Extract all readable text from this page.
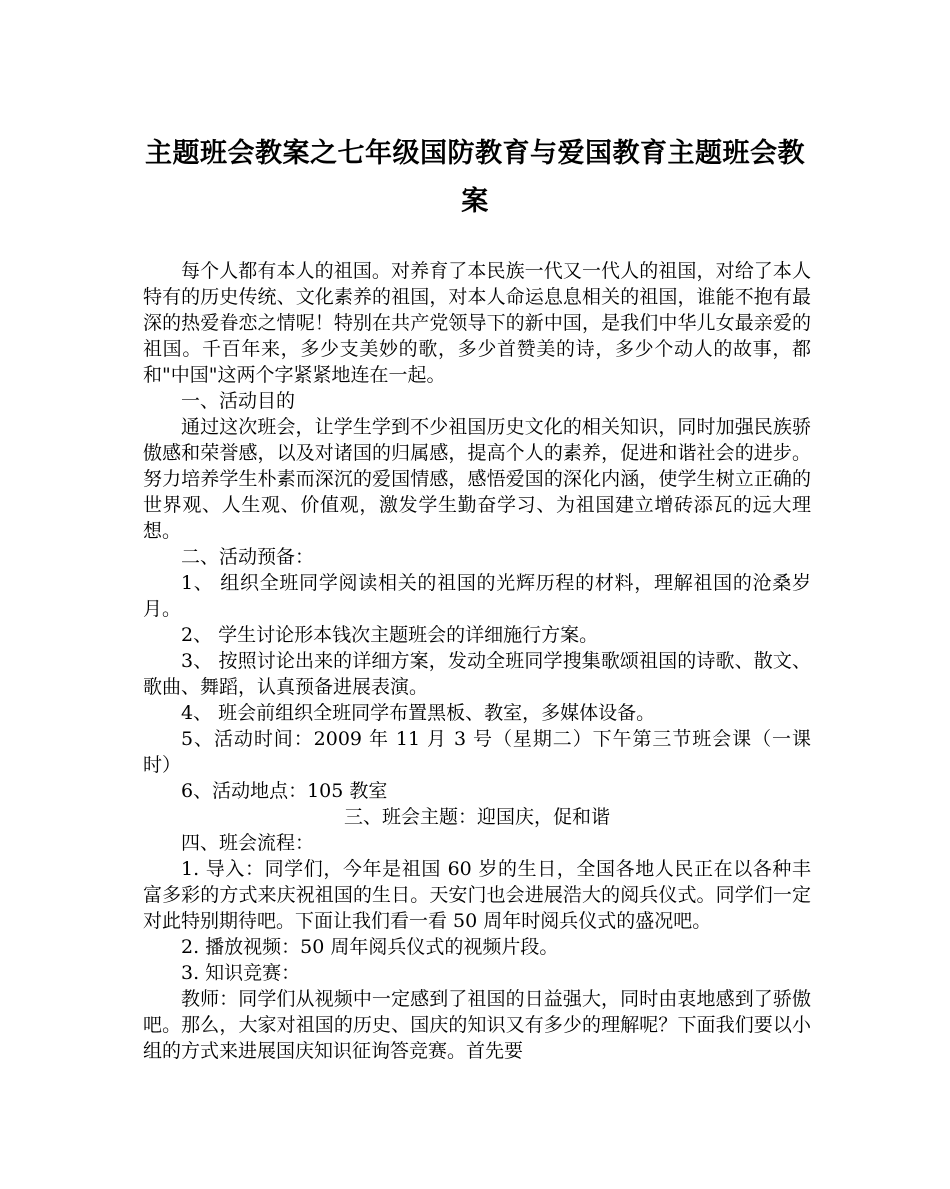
主题班会教案之七年级国防教育与爱国教育主题班会教案

每个人都有本人的祖国。对养育了本民族一代又一代人的祖国，对给了本人特有的历史传统、文化素养的祖国，对本人命运息息相关的祖国，谁能不抱有最深的热爱眷恋之情呢！特别在共产党领导下的新中国，是我们中华儿女最亲爱的祖国。千百年来，多少支美妙的歌，多少首赞美的诗，多少个动人的故事，都和"中国"这两个字紧紧地连在一起。

一、活动目的

通过这次班会，让学生学到不少祖国历史文化的相关知识，同时加强民族骄傲感和荣誉感，以及对诸国的归属感，提高个人的素养，促进和谐社会的进步。努力培养学生朴素而深沉的爱国情感，感悟爱国的深化内涵，使学生树立正确的世界观、人生观、价值观，激发学生勤奋学习、为祖国建立增砖添瓦的远大理想。

二、活动预备：

1、 组织全班同学阅读相关的祖国的光辉历程的材料，理解祖国的沧桑岁月。

2、 学生讨论形本钱次主题班会的详细施行方案。

3、 按照讨论出来的详细方案，发动全班同学搜集歌颂祖国的诗歌、散文、歌曲、舞蹈，认真预备进展表演。

4、 班会前组织全班同学布置黑板、教室，多媒体设备。

5、活动时间：2009 年 11 月 3 号（星期二）下午第三节班会课（一课时）

6、活动地点：105 教室

三、班会主题：迎国庆，促和谐

四、班会流程：

1. 导入：同学们，今年是祖国 60 岁的生日，全国各地人民正在以各种丰富多彩的方式来庆祝祖国的生日。天安门也会进展浩大的阅兵仪式。同学们一定对此特别期待吧。下面让我们看一看 50 周年时阅兵仪式的盛况吧。

2. 播放视频：50 周年阅兵仪式的视频片段。

3. 知识竞赛：

教师：同学们从视频中一定感到了祖国的日益强大，同时由衷地感到了骄傲吧。那么，大家对祖国的历史、国庆的知识又有多少的理解呢？下面我们要以小组的方式来进展国庆知识征询答竞赛。首先要
